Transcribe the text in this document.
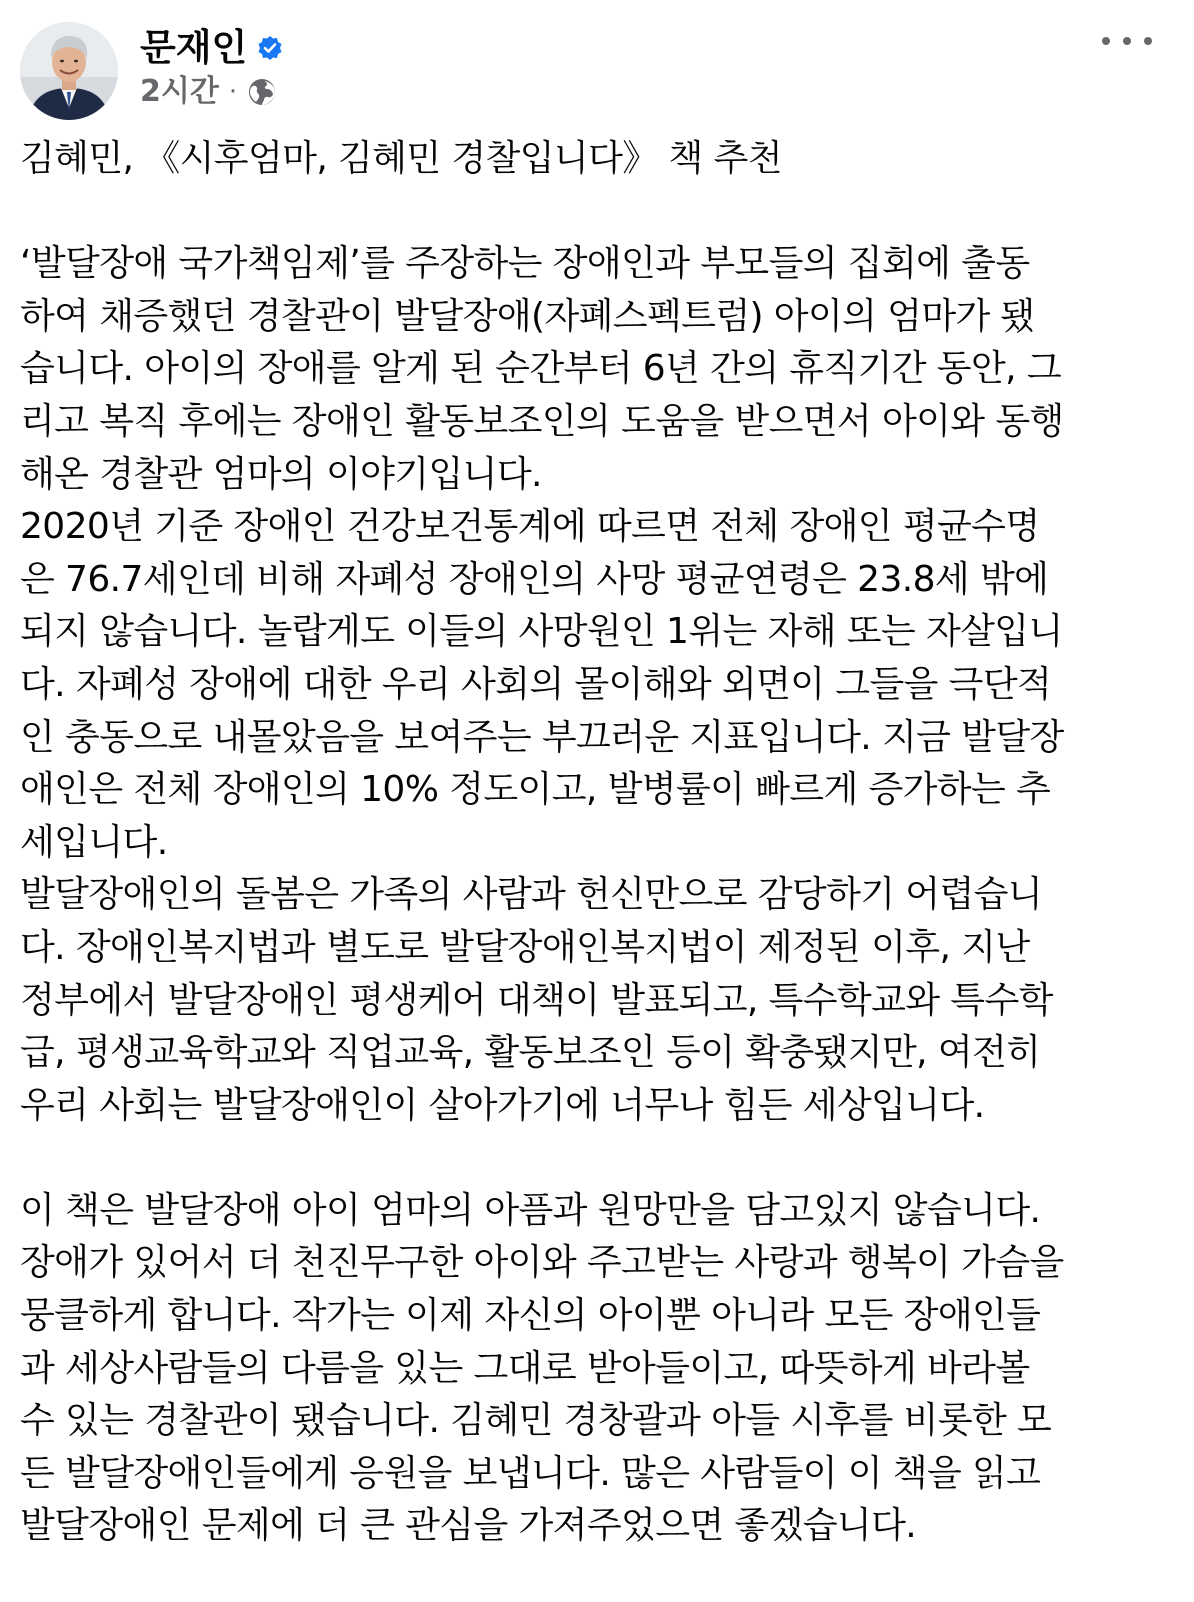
문재인
2시간 ·

김혜민, 《시후엄마, 김혜민 경찰입니다》 책 추천

‘발달장애 국가책임제’를 주장하는 장애인과 부모들의 집회에 출동

하여 채증했던 경찰관이 발달장애(자폐스펙트럼) 아이의 엄마가 됐

습니다. 아이의 장애를 알게 된 순간부터 6년 간의 휴직기간 동안, 그

리고 복직 후에는 장애인 활동보조인의 도움을 받으면서 아이와 동행

해온 경찰관 엄마의 이야기입니다.

2020년 기준 장애인 건강보건통계에 따르면 전체 장애인 평균수명

은 76.7세인데 비해 자폐성 장애인의 사망 평균연령은 23.8세 밖에

되지 않습니다. 놀랍게도 이들의 사망원인 1위는 자해 또는 자살입니

다. 자폐성 장애에 대한 우리 사회의 몰이해와 외면이 그들을 극단적

인 충동으로 내몰았음을 보여주는 부끄러운 지표입니다. 지금 발달장

애인은 전체 장애인의 10% 정도이고, 발병률이 빠르게 증가하는 추

세입니다.

발달장애인의 돌봄은 가족의 사람과 헌신만으로 감당하기 어렵습니

다. 장애인복지법과 별도로 발달장애인복지법이 제정된 이후, 지난

정부에서 발달장애인 평생케어 대책이 발표되고, 특수학교와 특수학

급, 평생교육학교와 직업교육, 활동보조인 등이 확충됐지만, 여전히

우리 사회는 발달장애인이 살아가기에 너무나 힘든 세상입니다.

이 책은 발달장애 아이 엄마의 아픔과 원망만을 담고있지 않습니다.

장애가 있어서 더 천진무구한 아이와 주고받는 사랑과 행복이 가슴을

뭉클하게 합니다. 작가는 이제 자신의 아이뿐 아니라 모든 장애인들

과 세상사람들의 다름을 있는 그대로 받아들이고, 따뜻하게 바라볼

수 있는 경찰관이 됐습니다. 김혜민 경창괄과 아들 시후를 비롯한 모

든 발달장애인들에게 응원을 보냅니다. 많은 사람들이 이 책을 읽고

발달장애인 문제에 더 큰 관심을 가져주었으면 좋겠습니다.
